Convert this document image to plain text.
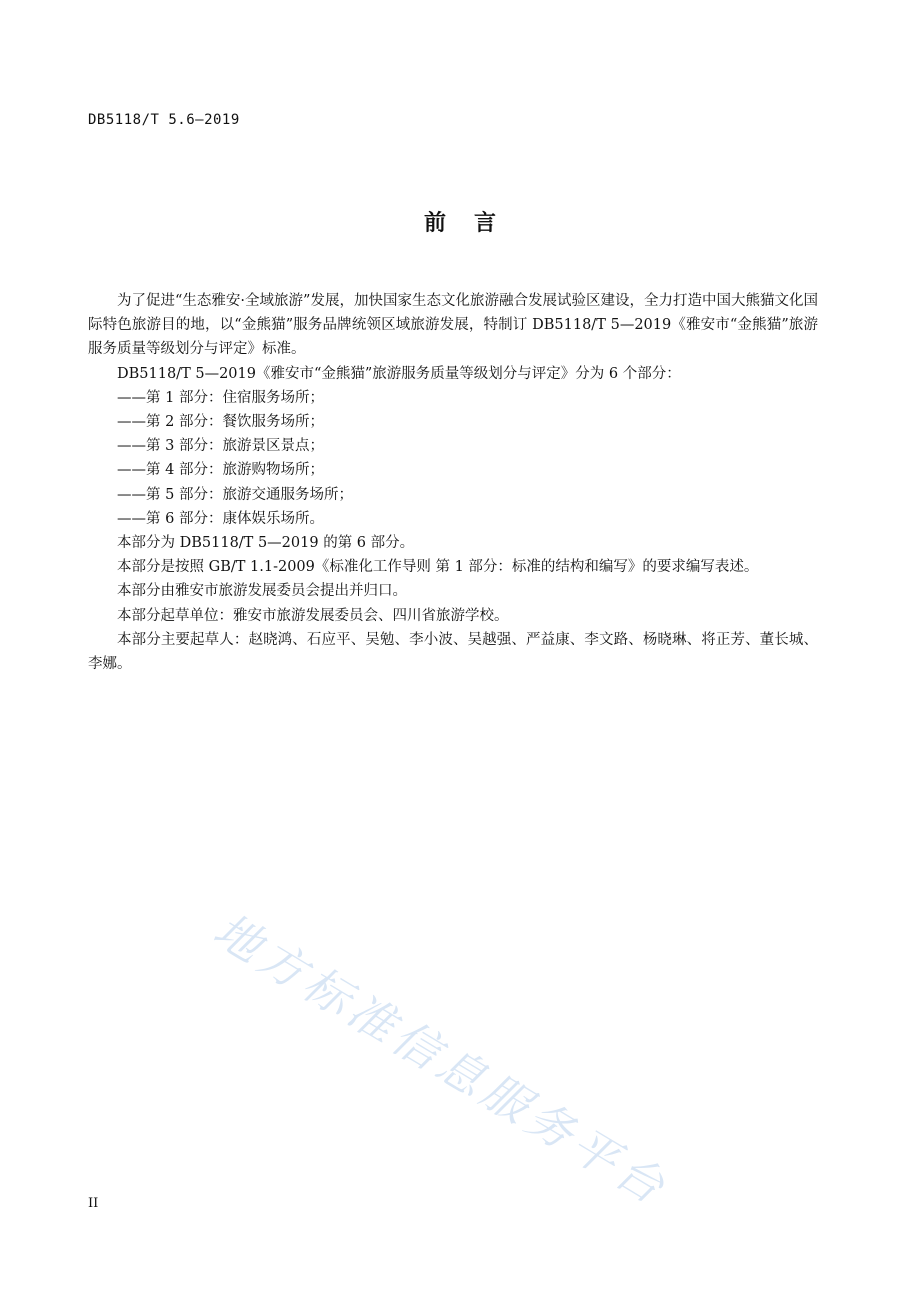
DB5118/T 5.6—2019
前言

为了促进“生态雅安·全域旅游”发展，加快国家生态文化旅游融合发展试验区建设，全力打造中国大熊猫文化国际特色旅游目的地，以“金熊猫”服务品牌统领区域旅游发展，特制订 DB5118/T 5—2019《雅安市“金熊猫”旅游服务质量等级划分与评定》标准。

DB5118/T 5—2019《雅安市“金熊猫”旅游服务质量等级划分与评定》分为 6 个部分：

——第 1 部分：住宿服务场所；

——第 2 部分：餐饮服务场所；

——第 3 部分：旅游景区景点；

——第 4 部分：旅游购物场所；

——第 5 部分：旅游交通服务场所；

——第 6 部分：康体娱乐场所。

本部分为 DB5118/T 5—2019 的第 6 部分。

本部分是按照 GB/T 1.1-2009《标准化工作导则 第 1 部分：标准的结构和编写》的要求编写表述。

本部分由雅安市旅游发展委员会提出并归口。

本部分起草单位：雅安市旅游发展委员会、四川省旅游学校。

本部分主要起草人：赵晓鸿、石应平、吴勉、李小波、吴越强、严益康、李文路、杨晓琳、将正芳、董长城、李娜。

地方标准信息服务平台
II
